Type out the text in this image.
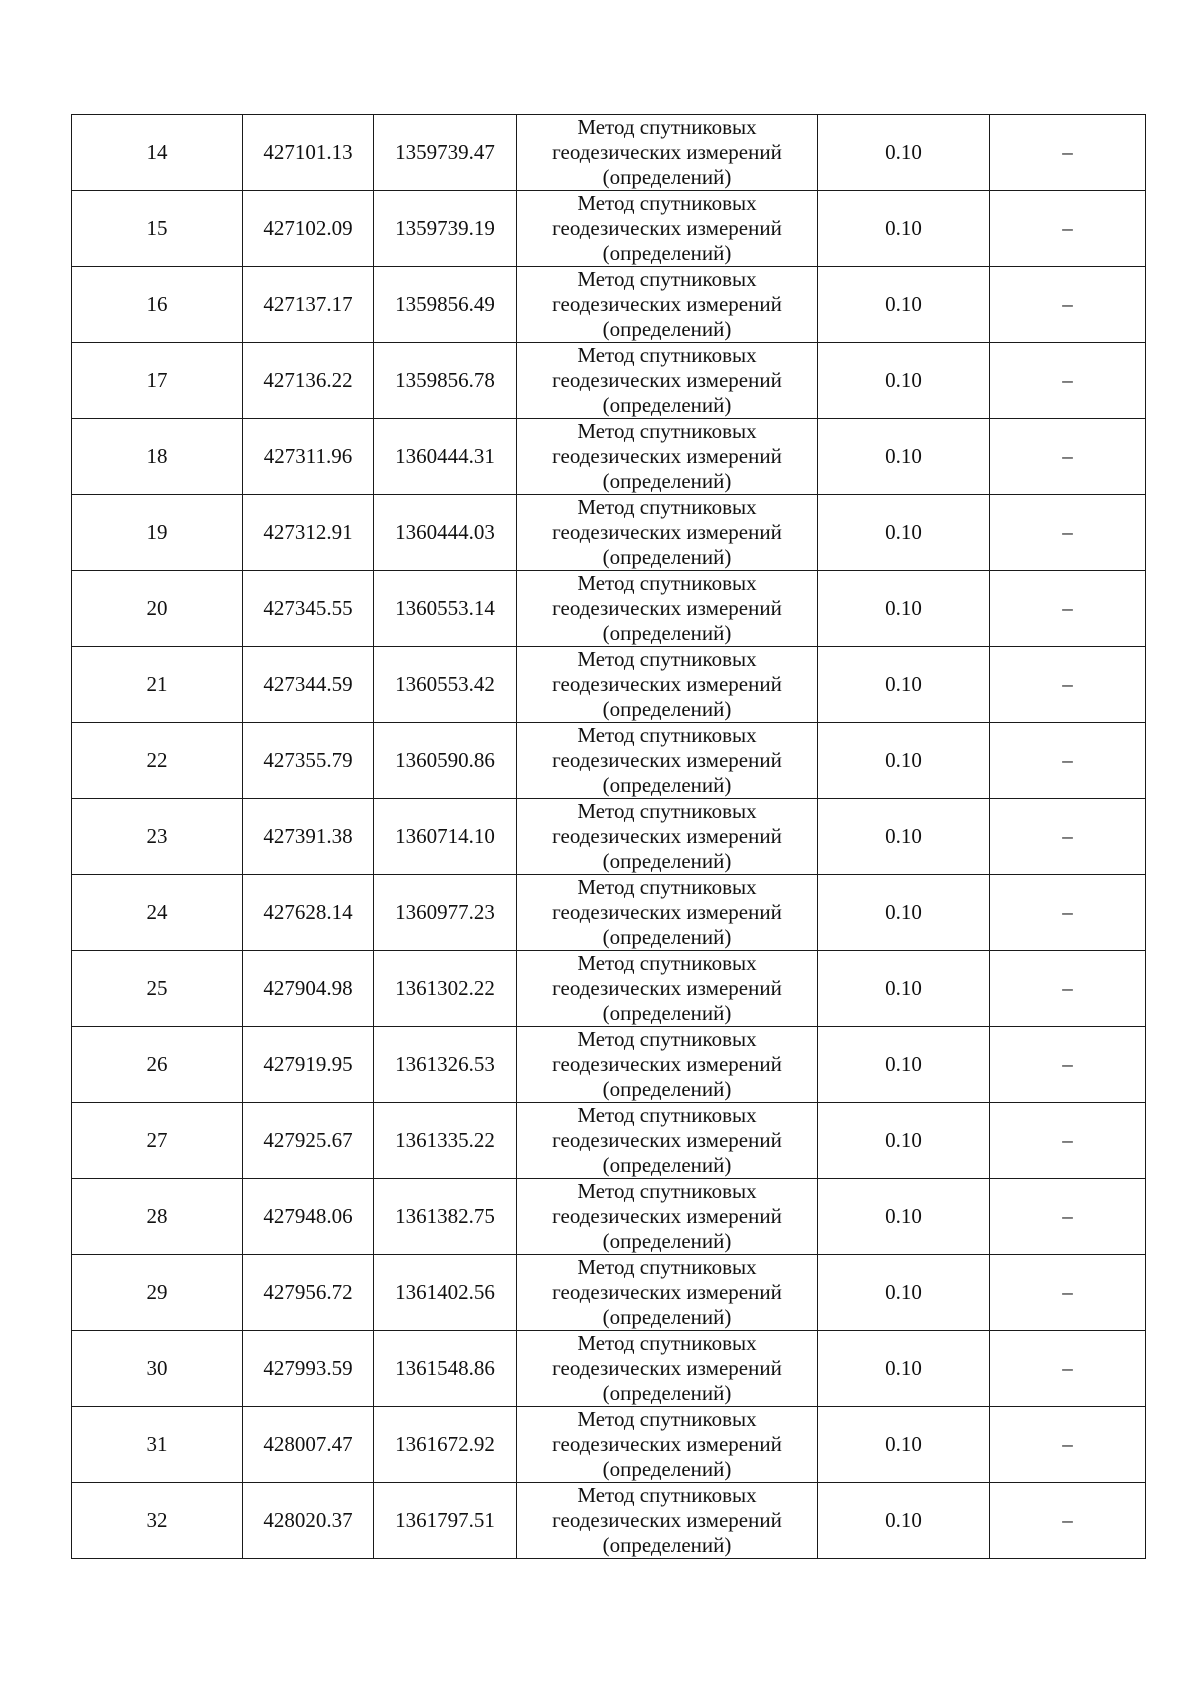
14	427101.13	1359739.47	Метод спутниковых
геодезических измерений
(определений)	0.10	–
15	427102.09	1359739.19	Метод спутниковых
геодезических измерений
(определений)	0.10	–
16	427137.17	1359856.49	Метод спутниковых
геодезических измерений
(определений)	0.10	–
17	427136.22	1359856.78	Метод спутниковых
геодезических измерений
(определений)	0.10	–
18	427311.96	1360444.31	Метод спутниковых
геодезических измерений
(определений)	0.10	–
19	427312.91	1360444.03	Метод спутниковых
геодезических измерений
(определений)	0.10	–
20	427345.55	1360553.14	Метод спутниковых
геодезических измерений
(определений)	0.10	–
21	427344.59	1360553.42	Метод спутниковых
геодезических измерений
(определений)	0.10	–
22	427355.79	1360590.86	Метод спутниковых
геодезических измерений
(определений)	0.10	–
23	427391.38	1360714.10	Метод спутниковых
геодезических измерений
(определений)	0.10	–
24	427628.14	1360977.23	Метод спутниковых
геодезических измерений
(определений)	0.10	–
25	427904.98	1361302.22	Метод спутниковых
геодезических измерений
(определений)	0.10	–
26	427919.95	1361326.53	Метод спутниковых
геодезических измерений
(определений)	0.10	–
27	427925.67	1361335.22	Метод спутниковых
геодезических измерений
(определений)	0.10	–
28	427948.06	1361382.75	Метод спутниковых
геодезических измерений
(определений)	0.10	–
29	427956.72	1361402.56	Метод спутниковых
геодезических измерений
(определений)	0.10	–
30	427993.59	1361548.86	Метод спутниковых
геодезических измерений
(определений)	0.10	–
31	428007.47	1361672.92	Метод спутниковых
геодезических измерений
(определений)	0.10	–
32	428020.37	1361797.51	Метод спутниковых
геодезических измерений
(определений)	0.10	–
